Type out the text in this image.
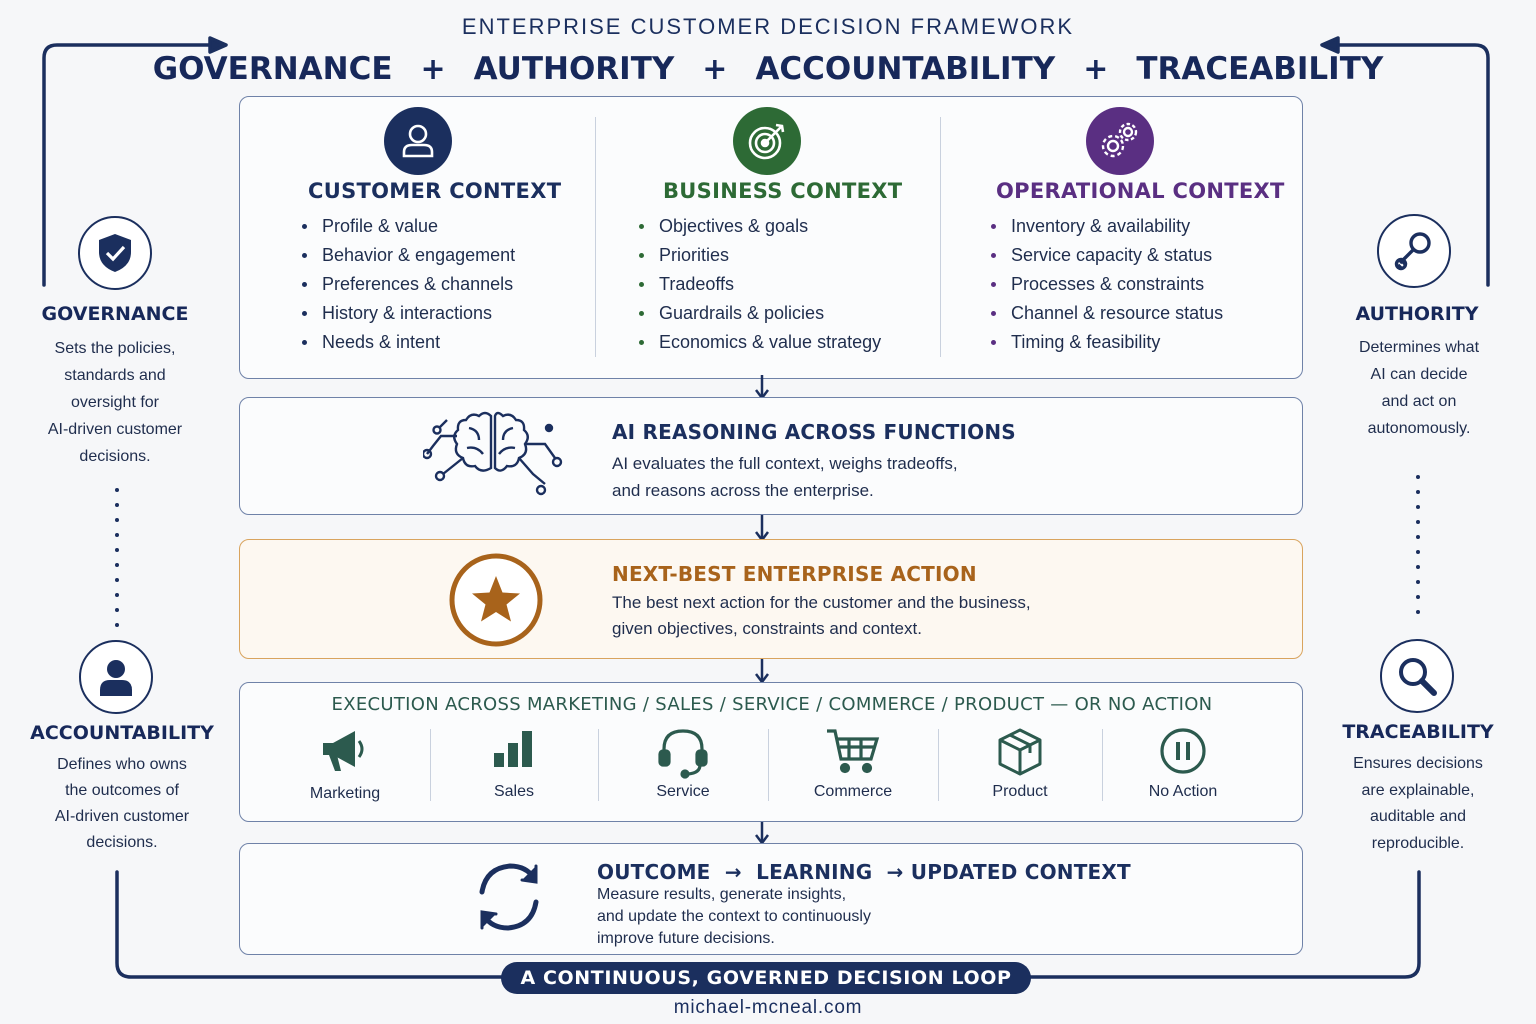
ENTERPRISE CUSTOMER DECISION FRAMEWORK
GOVERNANCE + AUTHORITY + ACCOUNTABILITY + TRACEABILITY
CUSTOMER CONTEXT
Profile & value
Behavior & engagement
Preferences & channels
History & interactions
Needs & intent
BUSINESS CONTEXT
Objectives & goals
Priorities
Tradeoffs
Guardrails & policies
Economics & value strategy
OPERATIONAL CONTEXT
Inventory & availability
Service capacity & status
Processes & constraints
Channel & resource status
Timing & feasibility
AI REASONING ACROSS FUNCTIONS
AI evaluates the full context, weighs tradeoffs,
and reasons across the enterprise.
NEXT-BEST ENTERPRISE ACTION
The best next action for the customer and the business,
given objectives, constraints and context.
EXECUTION ACROSS MARKETING / SALES / SERVICE / COMMERCE / PRODUCT — OR NO ACTION
Marketing	Sales	Service	Commerce	Product	No Action
OUTCOME  →  LEARNING  → UPDATED CONTEXT
Measure results, generate insights,
and update the context to continuously
improve future decisions.
GOVERNANCE
Sets the policies,
standards and
oversight for
AI-driven customer
decisions.
ACCOUNTABILITY
Defines who owns
the outcomes of
AI-driven customer
decisions.
AUTHORITY
Determines what
AI can decide
and act on
autonomously.
TRACEABILITY
Ensures decisions
are explainable,
auditable and
reproducible.
A CONTINUOUS, GOVERNED DECISION LOOP
michael-mcneal.com
